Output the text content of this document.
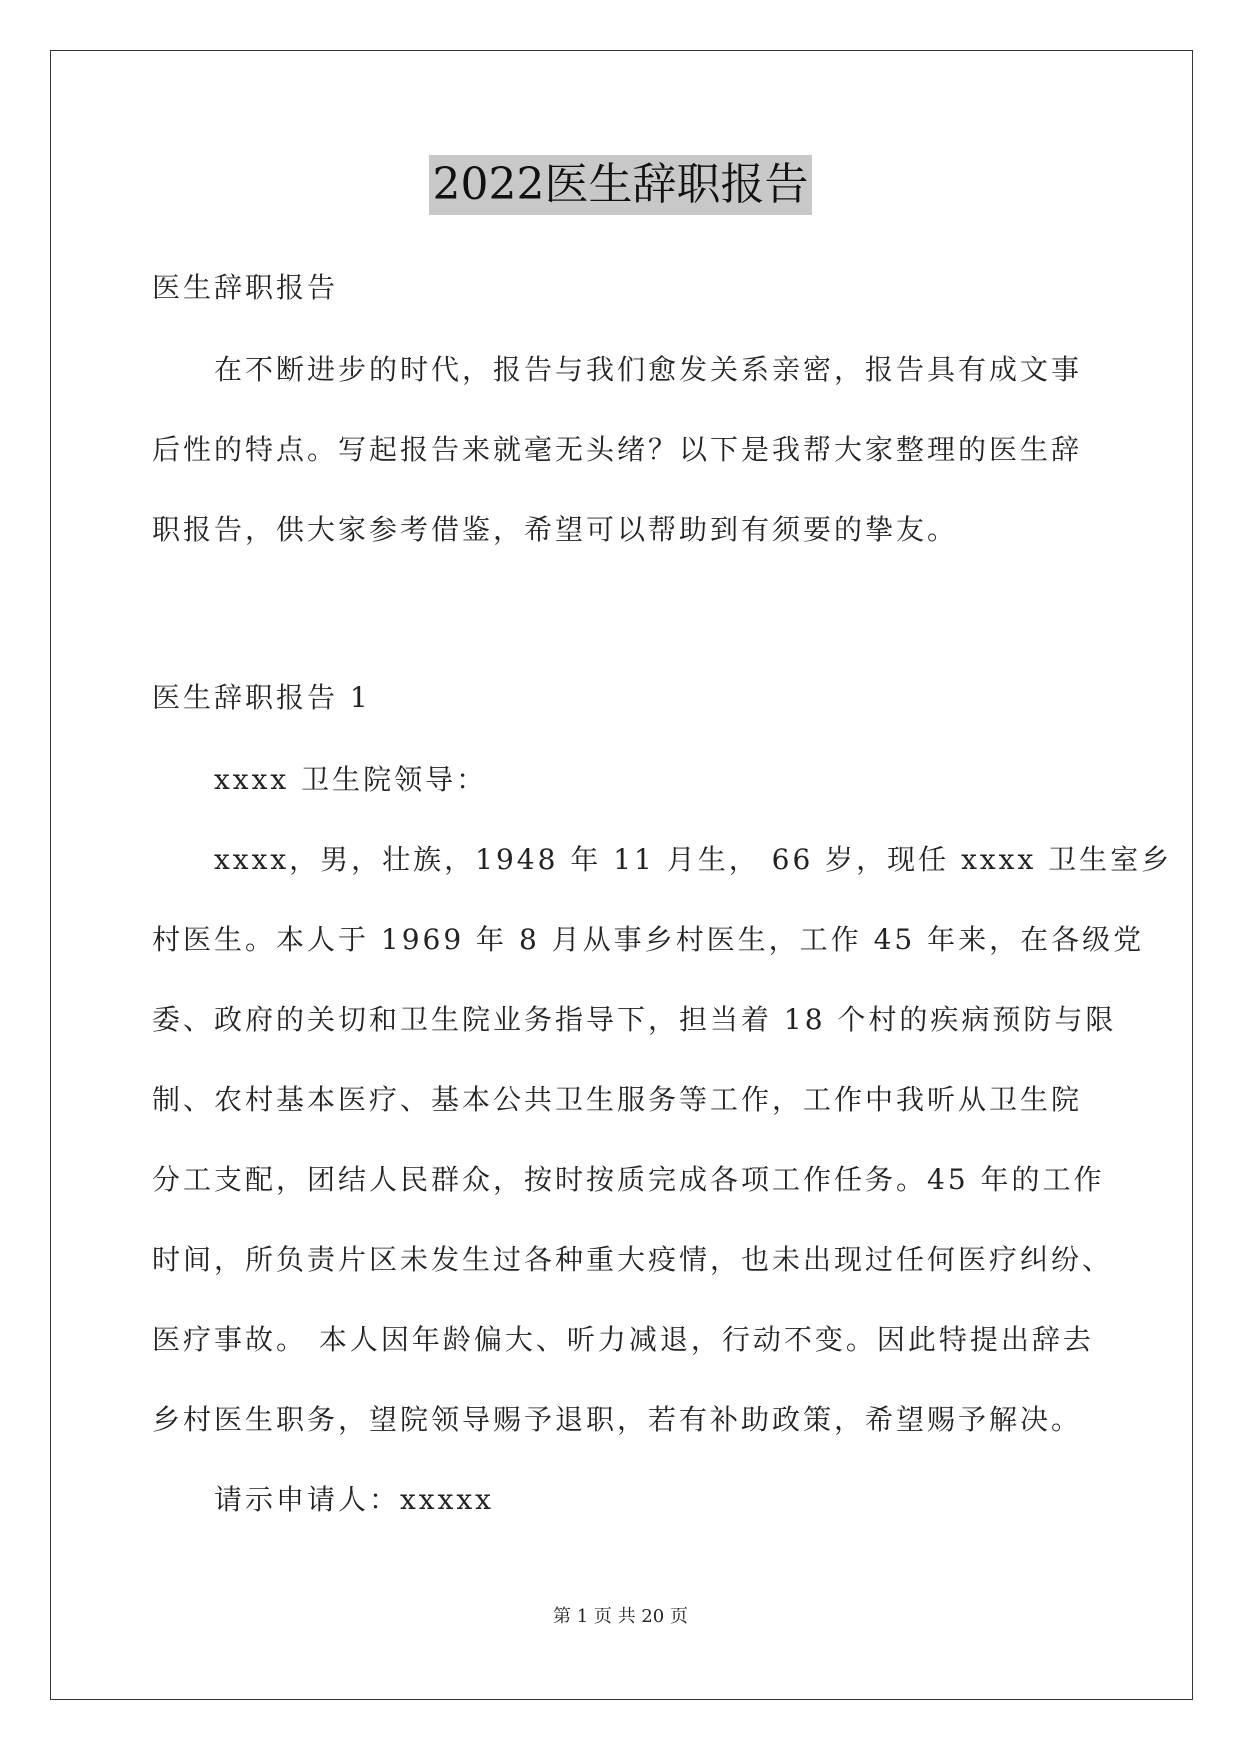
2022医生辞职报告
医生辞职报告
在不断进步的时代，报告与我们愈发关系亲密，报告具有成文事
后性的特点。写起报告来就毫无头绪？以下是我帮大家整理的医生辞
职报告，供大家参考借鉴，希望可以帮助到有须要的挚友。
医生辞职报告 1
xxxx 卫生院领导：
xxxx，男，壮族，1948 年 11 月生， 66 岁，现任 xxxx 卫生室乡
村医生。本人于 1969 年 8 月从事乡村医生，工作 45 年来，在各级党
委、政府的关切和卫生院业务指导下，担当着 18 个村的疾病预防与限
制、农村基本医疗、基本公共卫生服务等工作，工作中我听从卫生院
分工支配，团结人民群众，按时按质完成各项工作任务。45 年的工作
时间，所负责片区未发生过各种重大疫情，也未出现过任何医疗纠纷、
医疗事故。 本人因年龄偏大、听力减退，行动不变。因此特提出辞去
乡村医生职务，望院领导赐予退职，若有补助政策，希望赐予解决。
请示申请人：xxxxx
第 1 页 共 20 页
